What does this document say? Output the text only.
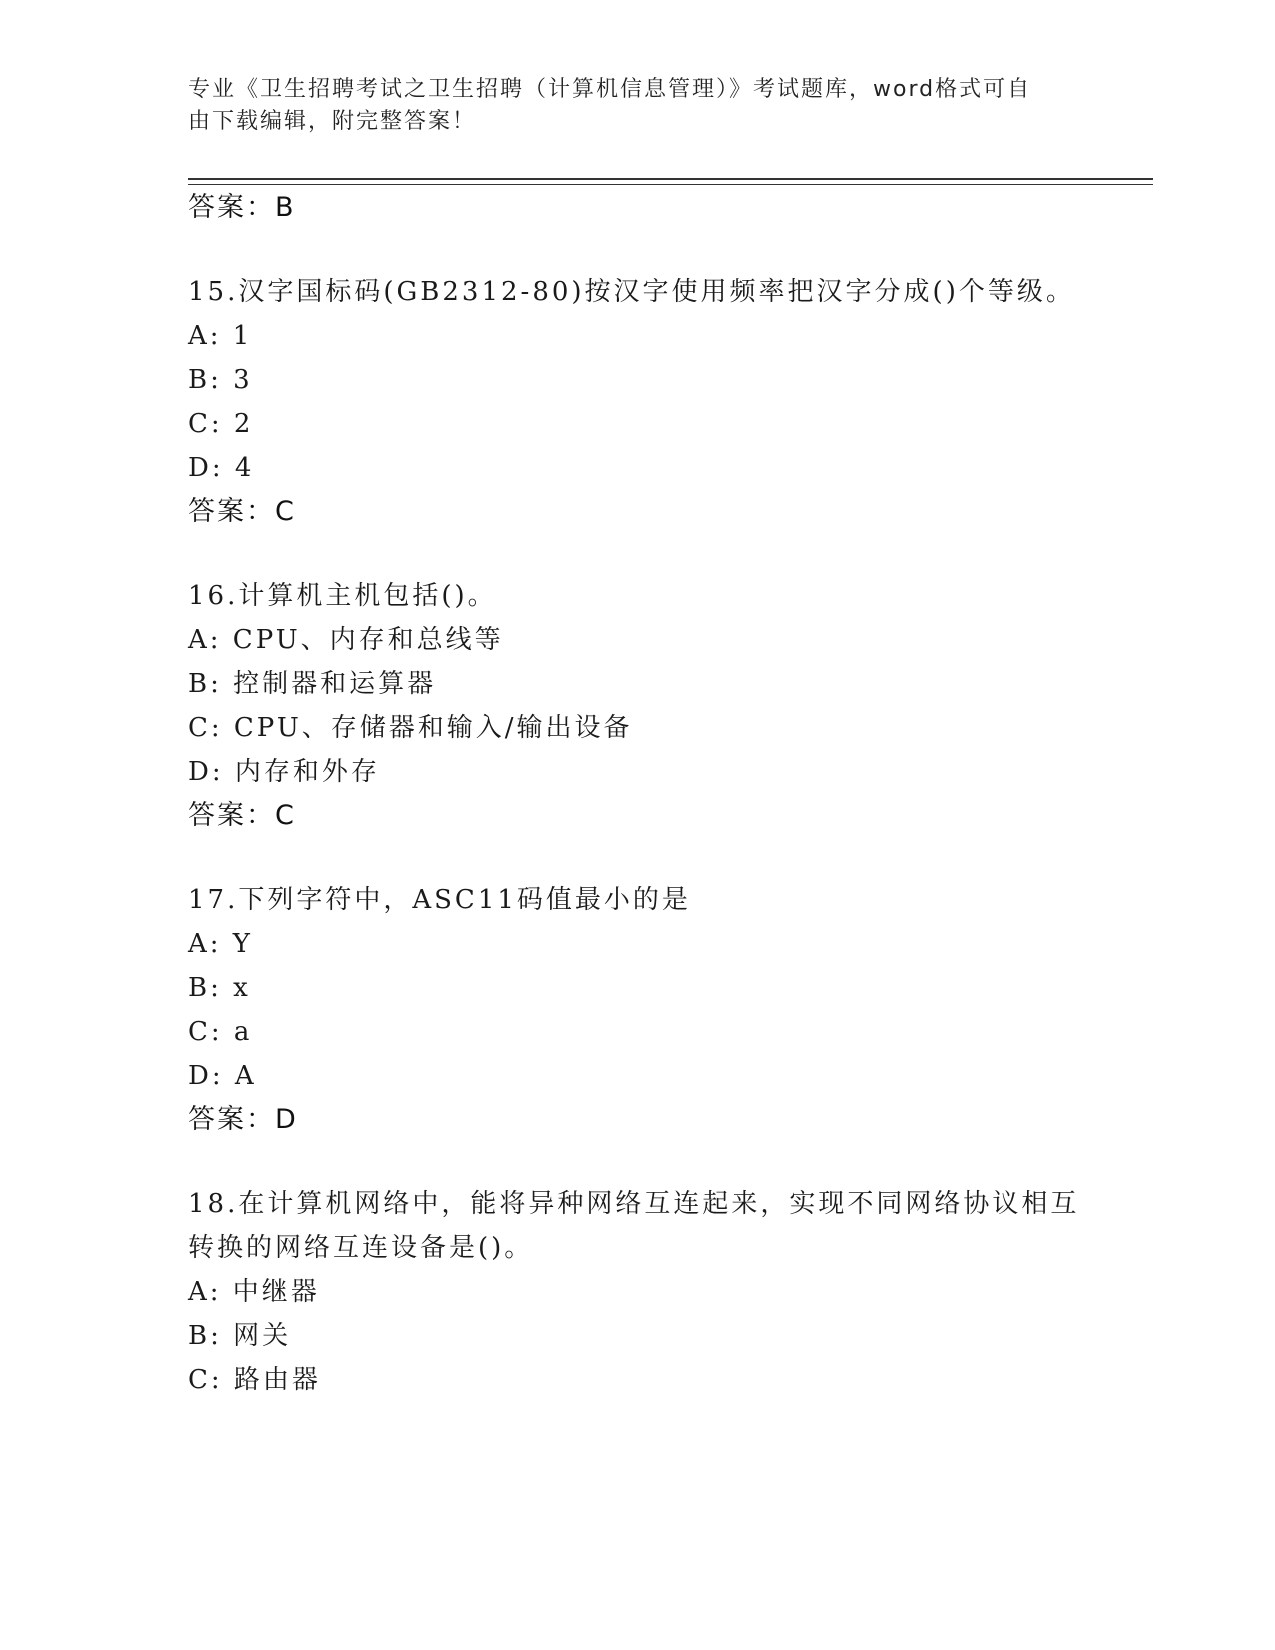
专业《卫生招聘考试之卫生招聘（计算机信息管理）》考试题库，word格式可自
由下载编辑，附完整答案！
答案：B
15.汉字国标码(GB2312-80)按汉字使用频率把汉字分成()个等级。
A: 1
B: 3
C: 2
D: 4
答案：C
16.计算机主机包括()。
A: CPU、内存和总线等
B: 控制器和运算器
C: CPU、存储器和输入/输出设备
D: 内存和外存
答案：C
17.下列字符中，ASC11码值最小的是
A: Y
B: x
C: a
D: A
答案：D
18.在计算机网络中，能将异种网络互连起来，实现不同网络协议相互
转换的网络互连设备是()。
A: 中继器
B: 网关
C: 路由器
